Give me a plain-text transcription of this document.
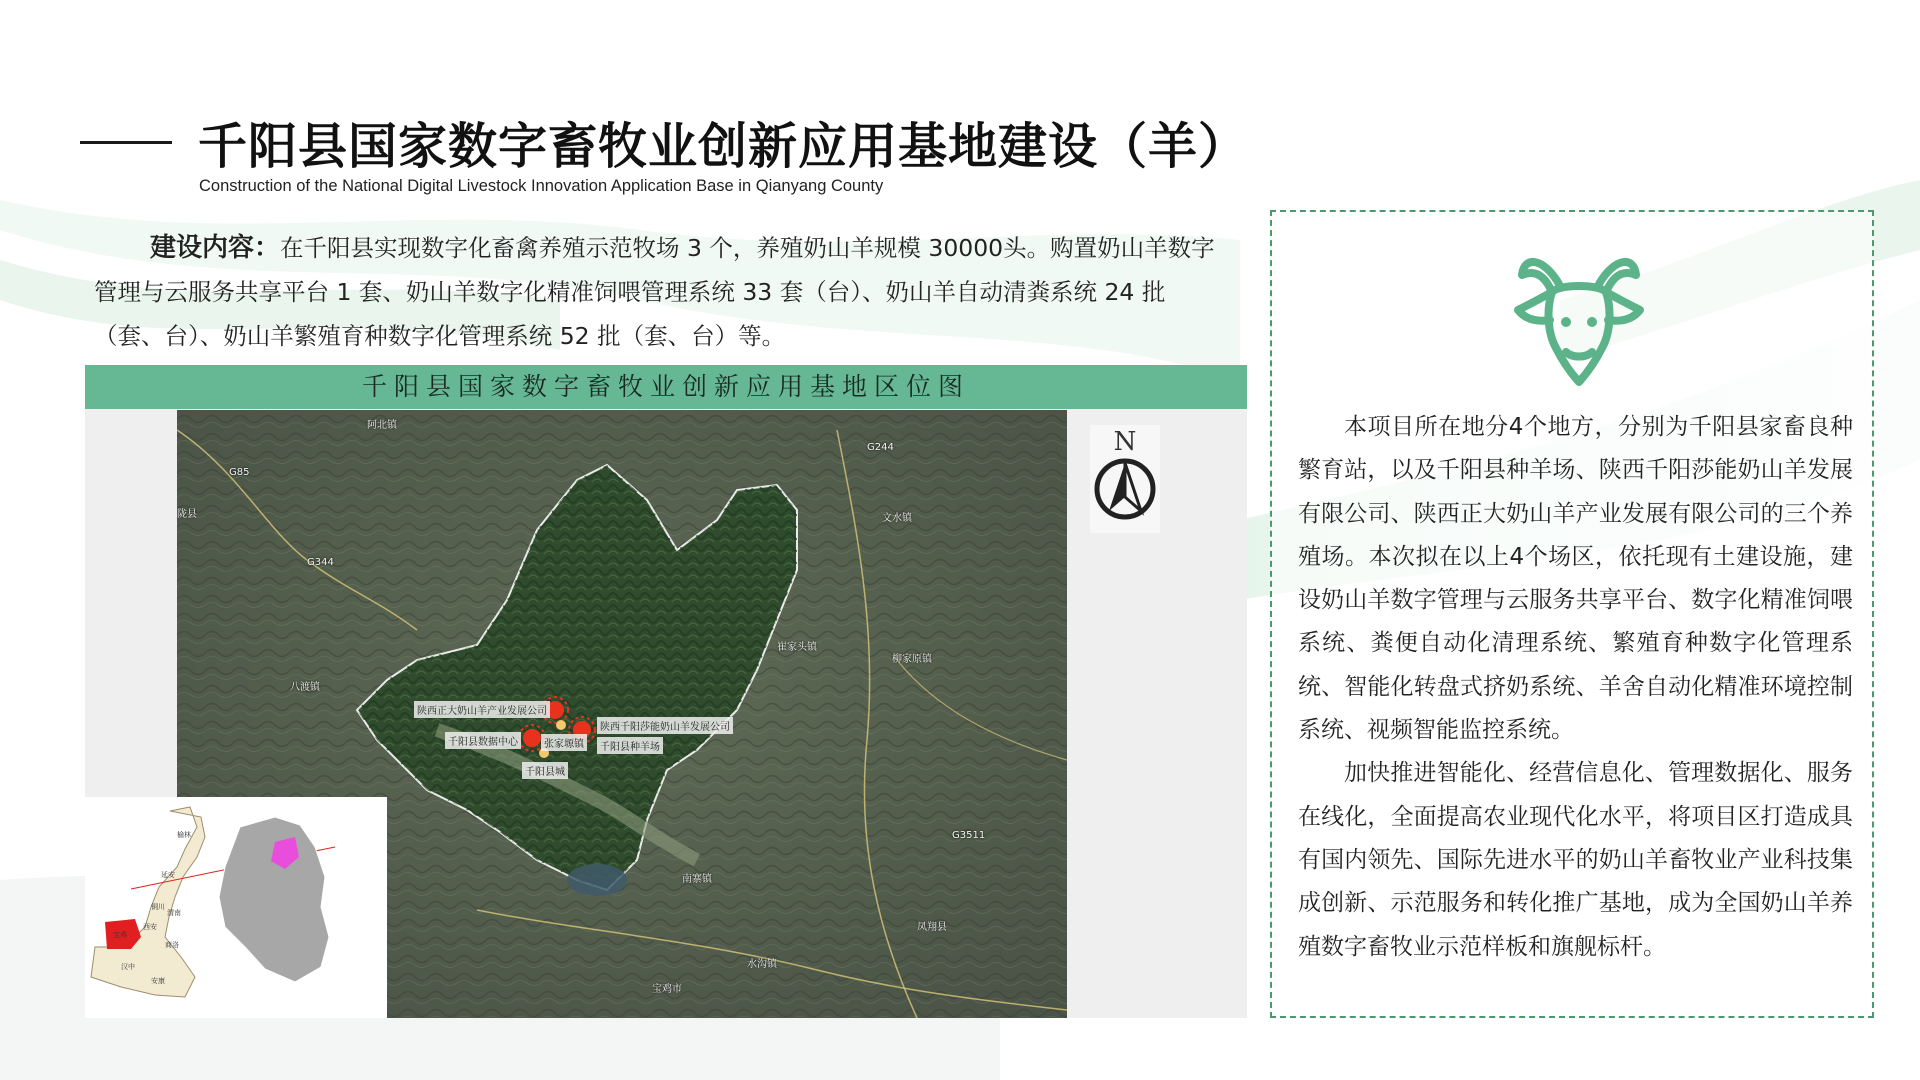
千阳县国家数字畜牧业创新应用基地建设（羊）
Construction of the National Digital Livestock Innovation Application Base in Qianyang County
建设内容：在千阳县实现数字化畜禽养殖示范牧场 3 个，养殖奶山羊规模 30000头。购置奶山羊数字管理与云服务共享平台 1 套、奶山羊数字化精准饲喂管理系统 33 套（台）、奶山羊自动清粪系统 24 批（套、台）、奶山羊繁殖育种数字化管理系统 52 批（套、台）等。
千阳县国家数字畜牧业创新应用基地区位图
阿北镇
八渡镇
崔家头镇
文水镇
水沟镇
柳家原镇
陇县
南寨镇
凤翔县
宝鸡市
G85
G344
G244
G3511
陕西正大奶山羊产业发展公司
陕西千阳莎能奶山羊发展公司
千阳县数据中心	张家塬镇	千阳县种羊场
千阳县城
N
榆林
延安
铜川
渭南
宝鸡
西安
汉中
商洛
安康

本项目所在地分4个地方，分别为千阳县家畜良种繁育站，以及千阳县种羊场、陕西千阳莎能奶山羊发展有限公司、陕西正大奶山羊产业发展有限公司的三个养殖场。本次拟在以上4个场区，依托现有土建设施，建设奶山羊数字管理与云服务共享平台、数字化精准饲喂系统、粪便自动化清理系统、繁殖育种数字化管理系统、智能化转盘式挤奶系统、羊舍自动化精准环境控制系统、视频智能监控系统。

加快推进智能化、经营信息化、管理数据化、服务在线化，全面提高农业现代化水平，将项目区打造成具有国内领先、国际先进水平的奶山羊畜牧业产业科技集成创新、示范服务和转化推广基地，成为全国奶山羊养殖数字畜牧业示范样板和旗舰标杆。
